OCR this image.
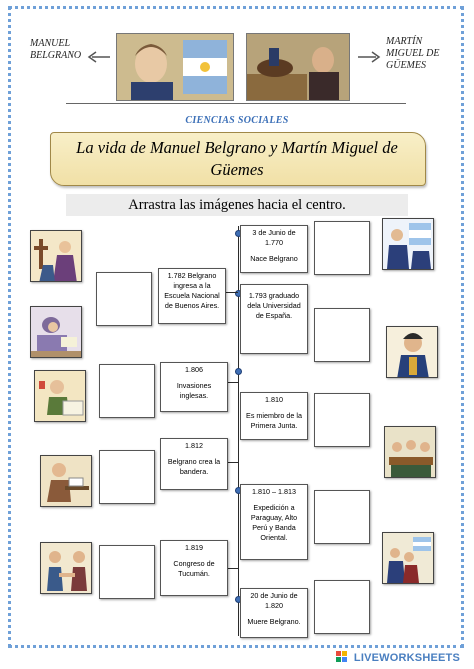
MANUEL
BELGRANO
MARTÍN
MIGUEL DE
GÜEMES
CIENCIAS SOCIALES
La vida de Manuel Belgrano y Martín Miguel de Güemes
Arrastra las imágenes hacia el centro.
3 de Junio de 1.770
Nace Belgrano
1.793 graduado dela Universidad de España.
1.810
Es miembro de la Primera Junta.
1.810 – 1.813
Expedición a Paraguay, Alto Perú y Banda Oriental.
20 de Junio de 1.820
Muere Belgrano.
1.782 Belgrano ingresa a la Escuela Nacional de Buenos Aires.
1.806
Invasiones inglesas.
1.812
Belgrano crea la bandera.
1.819
Congreso de Tucumán.
LIVEWORKSHEETS
